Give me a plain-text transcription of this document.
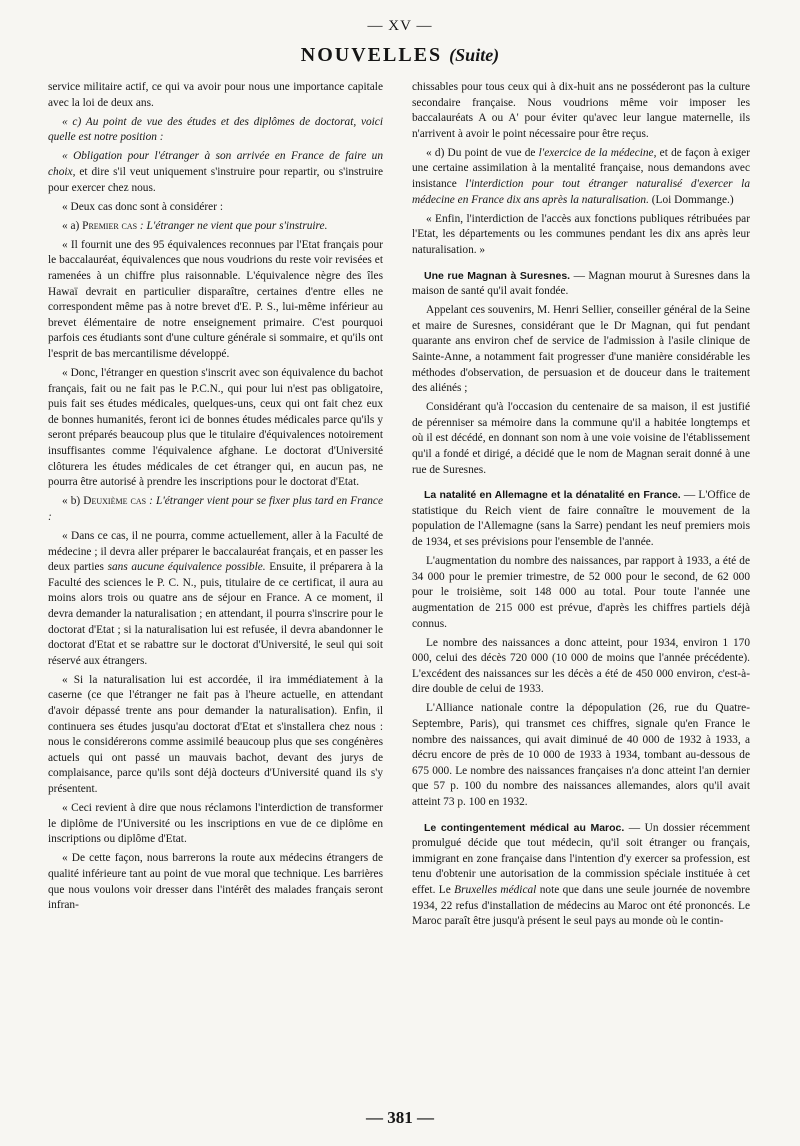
— XV —
NOUVELLES (Suite)

service militaire actif, ce qui va avoir pour nous une importance capitale avec la loi de deux ans.

« c) Au point de vue des études et des diplômes de doctorat, voici quelle est notre position :

« Obligation pour l'étranger à son arrivée en France de faire un choix, et dire s'il veut uniquement s'instruire pour repartir, ou s'instruire pour exercer chez nous.

« Deux cas donc sont à considérer :

« a) Premier cas : L'étranger ne vient que pour s'instruire.

« Il fournit une des 95 équivalences reconnues par l'Etat français pour le baccalauréat, équivalences que nous voudrions du reste voir revisées et ramenées à un chiffre plus raisonnable. L'équivalence nègre des îles Hawaï devrait en particulier disparaître, certaines d'entre elles ne correspondent même pas à notre brevet d'E. P. S., lui-même inférieur au brevet élémentaire de notre enseignement primaire. C'est pourquoi parfois ces étudiants sont d'une culture générale si sommaire, et qu'ils ont l'esprit de bas mercantilisme développé.

« Donc, l'étranger en question s'inscrit avec son équivalence du bachot français, fait ou ne fait pas le P.C.N., qui pour lui n'est pas obligatoire, puis fait ses études médicales, quelques-uns, ceux qui ont fait chez eux de bonnes humanités, feront ici de bonnes études médicales parce qu'ils y seront préparés beaucoup plus que le titulaire d'équivalences notoirement insuffisantes comme l'équivalence afghane. Le doctorat d'Université clôturera les études médicales de cet étranger qui, en aucun pas, ne pourra être autorisé à prendre les inscriptions pour le doctorat d'Etat.

« b) Deuxième cas : L'étranger vient pour se fixer plus tard en France :

« Dans ce cas, il ne pourra, comme actuellement, aller à la Faculté de médecine ; il devra aller préparer le baccalauréat français, et en passer les deux parties sans aucune équivalence possible. Ensuite, il préparera à la Faculté des sciences le P. C. N., puis, titulaire de ce certificat, il aura au moins alors trois ou quatre ans de séjour en France. A ce moment, il devra demander la naturalisation ; en attendant, il pourra s'inscrire pour le doctorat d'Etat ; si la naturalisation lui est refusée, il devra abandonner le doctorat d'Etat et se rabattre sur le doctorat d'Université, le seul qui soit réservé aux étrangers.

« Si la naturalisation lui est accordée, il ira immédiatement à la caserne (ce que l'étranger ne fait pas à l'heure actuelle, en attendant d'avoir dépassé trente ans pour demander la naturalisation). Enfin, il continuera ses études jusqu'au doctorat d'Etat et s'installera chez nous : nous le considérerons comme assimilé beaucoup plus que ses congénères actuels qui ont passé un mauvais bachot, devant des jurys de complaisance, parce qu'ils sont déjà docteurs d'Université quand ils s'y présentent.

« Ceci revient à dire que nous réclamons l'interdiction de transformer le diplôme de l'Université ou les inscriptions en vue de ce diplôme en inscriptions ou diplôme d'Etat.

« De cette façon, nous barrerons la route aux médecins étrangers de qualité inférieure tant au point de vue moral que technique. Les barrières que nous voulons voir dresser dans l'intérêt des malades français seront infran-

chissables pour tous ceux qui à dix-huit ans ne posséderont pas la culture secondaire française. Nous voudrions même voir imposer les baccalauréats A ou A' pour éviter qu'avec leur langue maternelle, ils n'arrivent à avoir le point nécessaire pour être reçus.

« d) Du point de vue de l'exercice de la médecine, et de façon à exiger une certaine assimilation à la mentalité française, nous demandons avec insistance l'interdiction pour tout étranger naturalisé d'exercer la médecine en France dix ans après la naturalisation. (Loi Dommange.)

« Enfin, l'interdiction de l'accès aux fonctions publiques rétribuées par l'Etat, les départements ou les communes pendant les dix ans après leur naturalisation. »

Une rue Magnan à Suresnes. — Magnan mourut à Suresnes dans la maison de santé qu'il avait fondée.

Appelant ces souvenirs, M. Henri Sellier, conseiller général de la Seine et maire de Suresnes, considérant que le Dr Magnan, qui fut pendant quarante ans environ chef de service de l'admission à l'asile clinique de Sainte-Anne, a notamment fait progresser d'une manière considérable les méthodes d'observation, de persuasion et de douceur dans le traitement des aliénés ;

Considérant qu'à l'occasion du centenaire de sa maison, il est justifié de pérenniser sa mémoire dans la commune qu'il a habitée longtemps et où il est décédé, en donnant son nom à une voie voisine de l'établissement qu'il a fondé et dirigé, a décidé que le nom de Magnan serait donné à une rue de Suresnes.

La natalité en Allemagne et la dénatalité en France. — L'Office de statistique du Reich vient de faire connaître le mouvement de la population de l'Allemagne (sans la Sarre) pendant les neuf premiers mois de 1934, et ses prévisions pour l'ensemble de l'année.

L'augmentation du nombre des naissances, par rapport à 1933, a été de 34 000 pour le premier trimestre, de 52 000 pour le second, de 62 000 pour le troisième, soit 148 000 au total. Pour toute l'année une augmentation de 215 000 est prévue, d'après les chiffres partiels déjà connus.

Le nombre des naissances a donc atteint, pour 1934, environ 1 170 000, celui des décès 720 000 (10 000 de moins que l'année précédente). L'excédent des naissances sur les décès a été de 450 000 environ, c'est-à-dire double de celui de 1933.

L'Alliance nationale contre la dépopulation (26, rue du Quatre-Septembre, Paris), qui transmet ces chiffres, signale qu'en France le nombre des naissances, qui avait diminué de 40 000 de 1932 à 1933, a décru encore de près de 10 000 de 1933 à 1934, tombant au-dessous de 675 000. Le nombre des naissances françaises n'a donc atteint l'an dernier que 57 p. 100 du nombre des naissances allemandes, alors qu'il avait atteint 73 p. 100 en 1932.

Le contingentement médical au Maroc. — Un dossier récemment promulgué décide que tout médecin, qu'il soit étranger ou français, immigrant en zone française dans l'intention d'y exercer sa profession, est tenu d'obtenir une autorisation de la commission spéciale instituée à cet effet. Le Bruxelles médical note que dans une seule journée de novembre 1934, 22 refus d'installation de médecins au Maroc ont été prononcés. Le Maroc paraît être jusqu'à présent le seul pays au monde où le contin-

— 381 —
